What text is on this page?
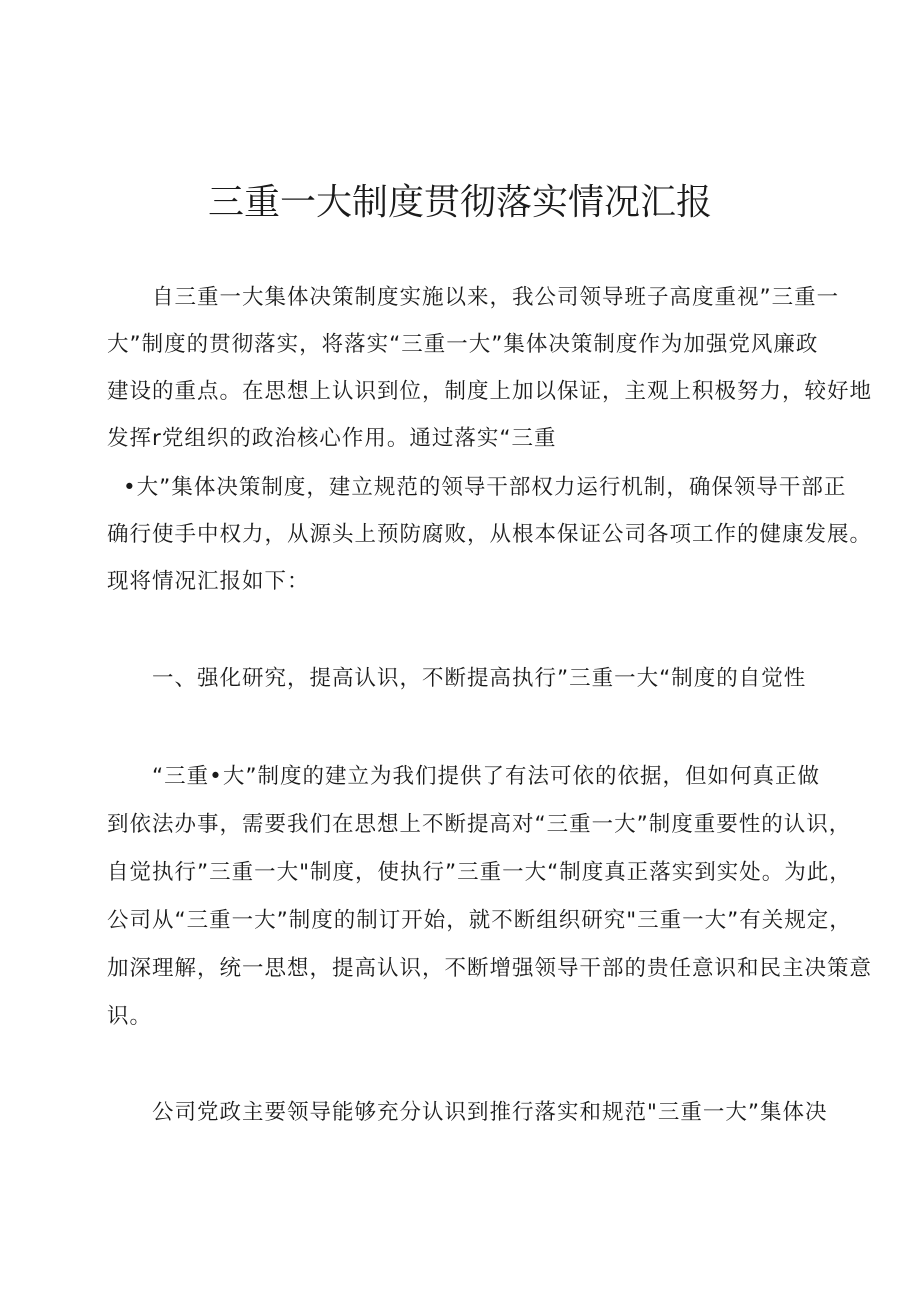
三重一大制度贯彻落实情况汇报

自三重一大集体决策制度实施以来，我公司领导班子高度重视”三重一

大”制度的贯彻落实，将落实“三重一大”集体决策制度作为加强党风廉政

建设的重点。在思想上认识到位，制度上加以保证，主观上积极努力，较好地

发挥r党组织的政治核心作用。通过落实“三重

•大”集体决策制度，建立规范的领导干部权力运行机制，确保领导干部正

确行使手中权力，从源头上预防腐败，从根本保证公司各项工作的健康发展。

现将情况汇报如下：

一、强化研究，提高认识，不断提高执行”三重一大“制度的自觉性

“三重•大”制度的建立为我们提供了有法可依的依据，但如何真正做

到依法办事，需要我们在思想上不断提高对“三重一大”制度重要性的认识，

自觉执行”三重一大"制度，使执行”三重一大“制度真正落实到实处。为此，

公司从“三重一大”制度的制订开始，就不断组织研究"三重一大”有关规定，

加深理解，统一思想，提高认识，不断增强领导干部的贵任意识和民主决策意

识。

公司党政主要领导能够充分认识到推行落实和规范"三重一大”集体决
